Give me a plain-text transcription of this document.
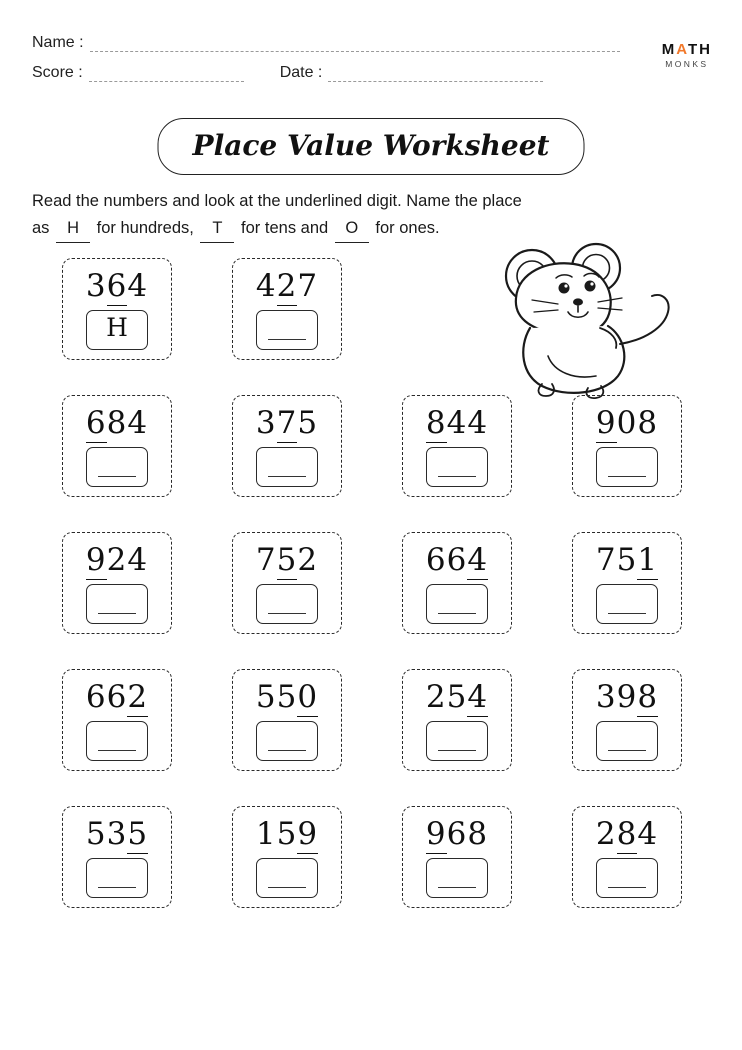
Name :
Score :	Date :
MATH
MONKS
Place Value Worksheet
Read the numbers and look at the underlined digit. Name the place
as H for hundreds, T for tens and O for ones.
364
H
427
684	375	844	908
924	752	664	751
662	550	254	398
535	159	968	284
